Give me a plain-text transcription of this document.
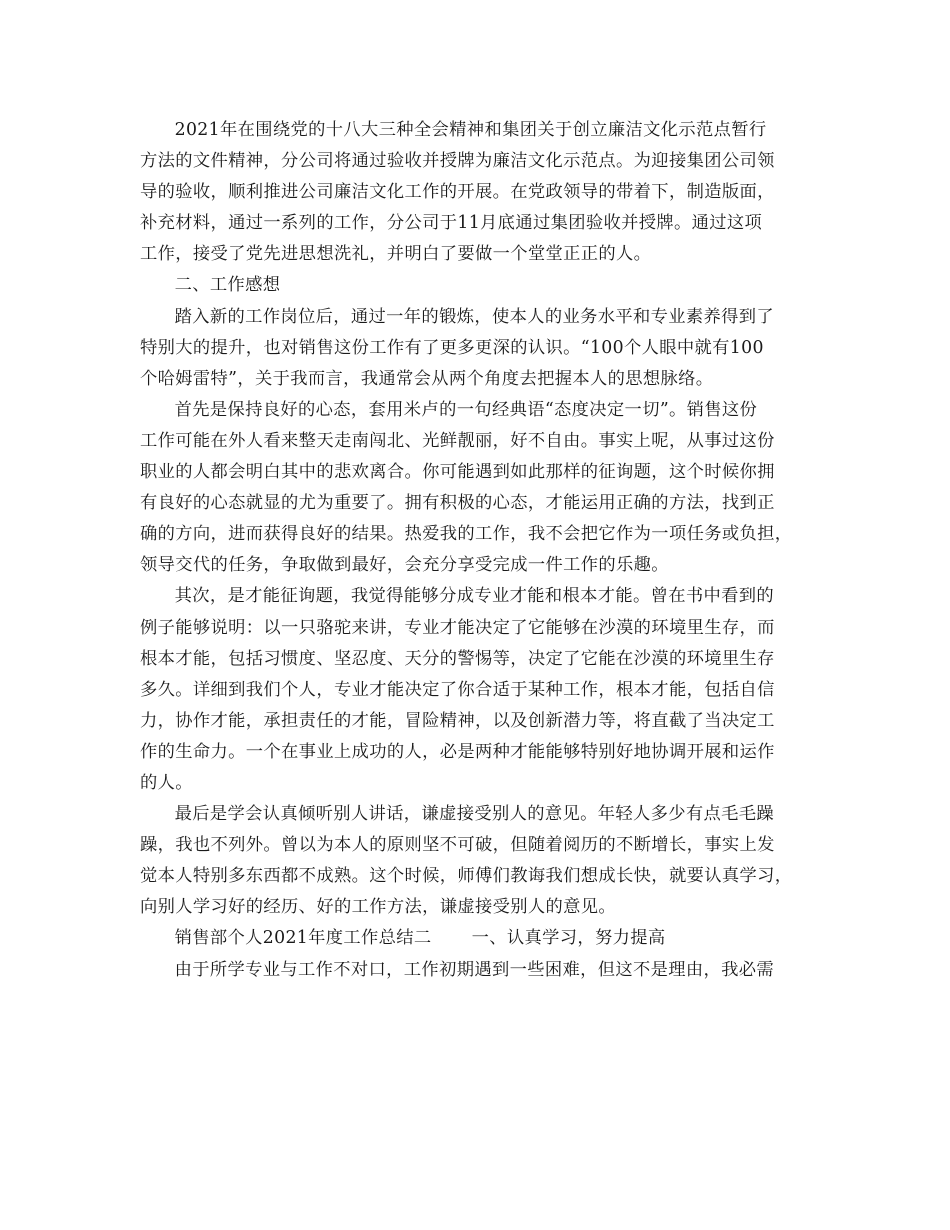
2021年在围绕党的十八大三种全会精神和集团关于创立廉洁文化示范点暂行
方法的文件精神，分公司将通过验收并授牌为廉洁文化示范点。为迎接集团公司领
导的验收，顺利推进公司廉洁文化工作的开展。在党政领导的带着下，制造版面，
补充材料，通过一系列的工作，分公司于11月底通过集团验收并授牌。通过这项
工作，接受了党先进思想洗礼，并明白了要做一个堂堂正正的人。

二、工作感想

踏入新的工作岗位后，通过一年的锻炼，使本人的业务水平和专业素养得到了
特别大的提升，也对销售这份工作有了更多更深的认识。“100个人眼中就有100
个哈姆雷特”，关于我而言，我通常会从两个角度去把握本人的思想脉络。

首先是保持良好的心态，套用米卢的一句经典语“态度决定一切”。销售这份
工作可能在外人看来整天走南闯北、光鲜靓丽，好不自由。事实上呢，从事过这份
职业的人都会明白其中的悲欢离合。你可能遇到如此那样的征询题，这个时候你拥
有良好的心态就显的尤为重要了。拥有积极的心态，才能运用正确的方法，找到正
确的方向，进而获得良好的结果。热爱我的工作，我不会把它作为一项任务或负担，
领导交代的任务，争取做到最好，会充分享受完成一件工作的乐趣。

其次，是才能征询题，我觉得能够分成专业才能和根本才能。曾在书中看到的
例子能够说明：以一只骆驼来讲，专业才能决定了它能够在沙漠的环境里生存，而
根本才能，包括习惯度、坚忍度、天分的警惕等，决定了它能在沙漠的环境里生存
多久。详细到我们个人，专业才能决定了你合适于某种工作，根本才能，包括自信
力，协作才能，承担责任的才能，冒险精神，以及创新潜力等，将直截了当决定工
作的生命力。一个在事业上成功的人，必是两种才能能够特别好地协调开展和运作
的人。

最后是学会认真倾听别人讲话，谦虚接受别人的意见。年轻人多少有点毛毛躁
躁，我也不列外。曾以为本人的原则坚不可破，但随着阅历的不断增长，事实上发
觉本人特别多东西都不成熟。这个时候，师傅们教诲我们想成长快，就要认真学习，
向别人学习好的经历、好的工作方法，谦虚接受别人的意见。

销售部个人2021年度工作总结二 一、认真学习，努力提高

由于所学专业与工作不对口，工作初期遇到一些困难，但这不是理由，我必需
